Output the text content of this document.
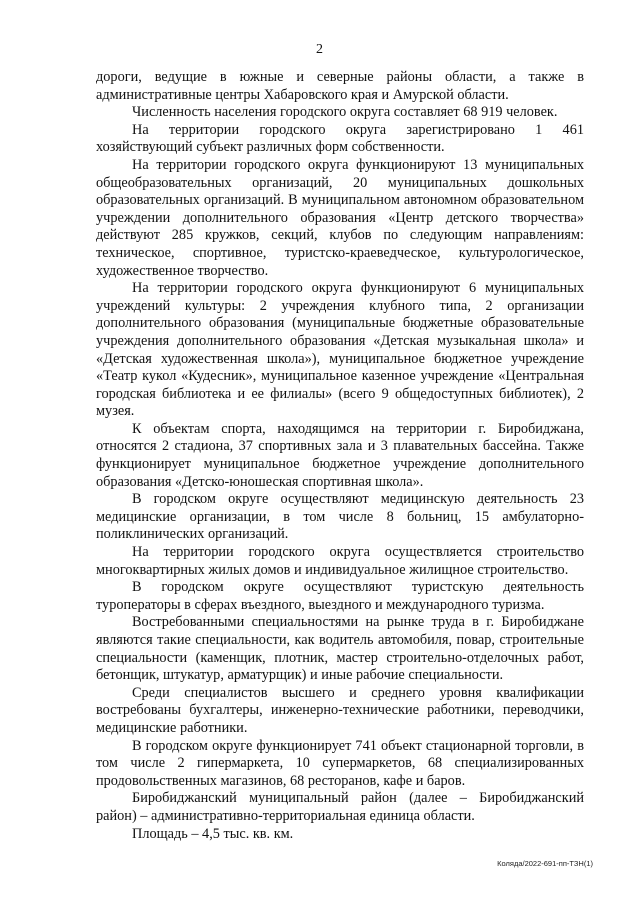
2

дороги, ведущие в южные и северные районы области, а также в административные центры Хабаровского края и Амурской области.

Численность населения городского округа составляет 68 919 человек.

На территории городского округа зарегистрировано 1 461 хозяйствующий субъект различных форм собственности.

На территории городского округа функционируют 13 муниципальных общеобразовательных организаций, 20 муниципальных дошкольных образовательных организаций. В муниципальном автономном образовательном учреждении дополнительного образования «Центр детского творчества» действуют 285 кружков, секций, клубов по следующим направлениям: техническое, спортивное, туристско-краеведческое, культурологическое, художественное творчество.

На территории городского округа функционируют 6 муниципальных учреждений культуры: 2 учреждения клубного типа, 2 организации дополнительного образования (муниципальные бюджетные образовательные учреждения дополнительного образования «Детская музыкальная школа» и «Детская художественная школа»), муниципальное бюджетное учреждение «Театр кукол «Кудесник», муниципальное казенное учреждение «Центральная городская библиотека и ее филиалы» (всего 9 общедоступных библиотек), 2 музея.

К объектам спорта, находящимся на территории г. Биробиджана, относятся 2 стадиона, 37 спортивных зала и 3 плавательных бассейна. Также функционирует муниципальное бюджетное учреждение дополнительного образования «Детско-юношеская спортивная школа».

В городском округе осуществляют медицинскую деятельность 23 медицинские организации, в том числе 8 больниц, 15 амбулаторно-поликлинических организаций.

На территории городского округа осуществляется строительство многоквартирных жилых домов и индивидуальное жилищное строительство.

В городском округе осуществляют туристскую деятельность туроператоры в сферах въездного, выездного и международного туризма.

Востребованными специальностями на рынке труда в г. Биробиджане являются такие специальности, как водитель автомобиля, повар, строительные специальности (каменщик, плотник, мастер строительно-отделочных работ, бетонщик, штукатур, арматурщик) и иные рабочие специальности.

Среди специалистов высшего и среднего уровня квалификации востребованы бухгалтеры, инженерно-технические работники, переводчики, медицинские работники.

В городском округе функционирует 741 объект стационарной торговли, в том числе 2 гипермаркета, 10 супермаркетов, 68 специализированных продовольственных магазинов, 68 ресторанов, кафе и баров.

Биробиджанский муниципальный район (далее – Биробиджанский район) – административно-территориальная единица области.

Площадь – 4,5 тыс. кв. км.

Коляда/2022-691-пп-ТЗН(1)
